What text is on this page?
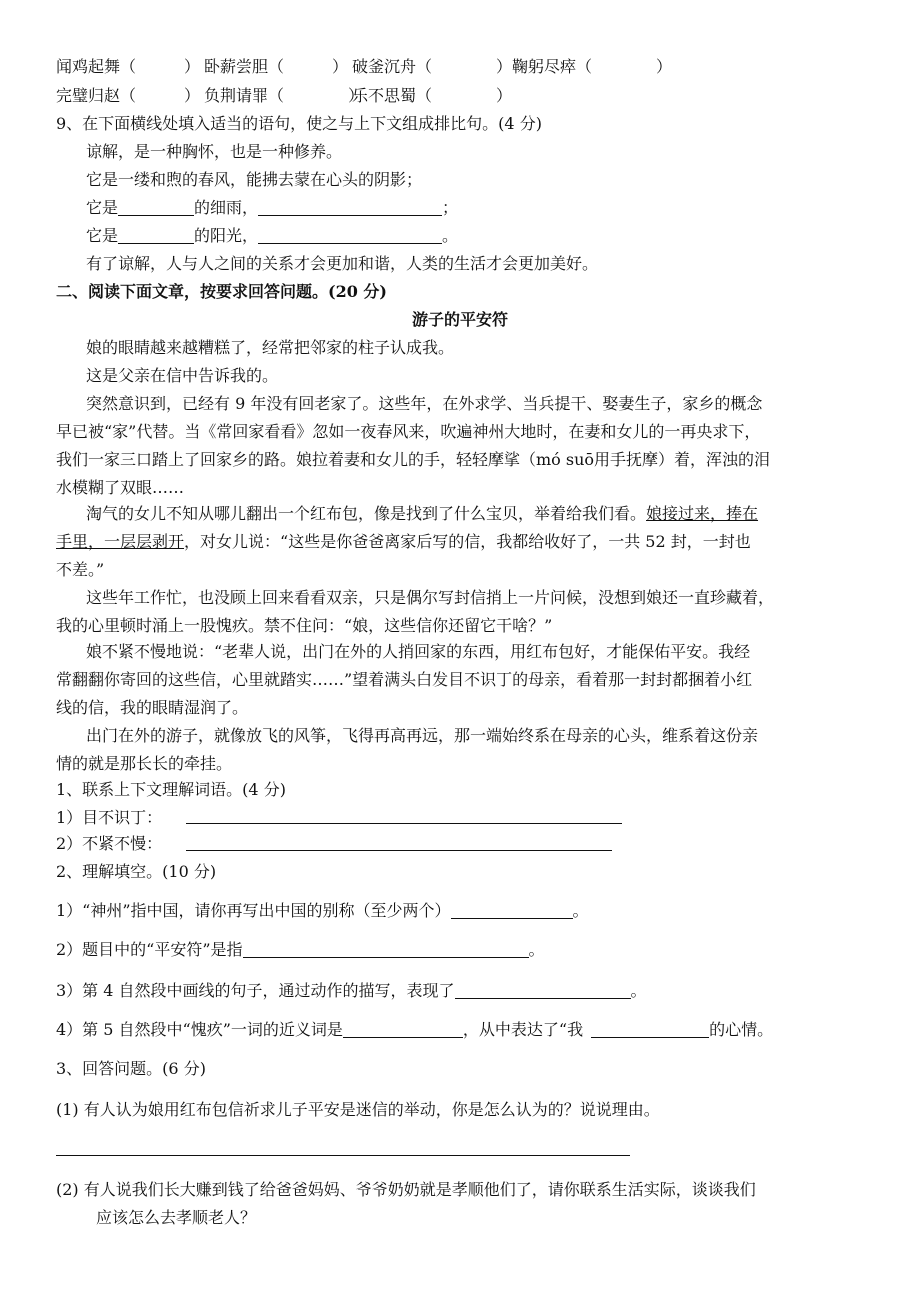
闻鸡起舞（　　　） 卧薪尝胆（　　　） 破釜沉舟（　　　　）鞠躬尽瘁（　　　　）
完璧归赵（　　　） 负荆请罪（　　　　）乐不思蜀（　　　　）
9、在下面横线处填入适当的语句，使之与上下文组成排比句。(4 分)
谅解，是一种胸怀，也是一种修养。
它是一缕和煦的春风，能拂去蒙在心头的阴影；
它是	的细雨，	；
它是	的阳光，	。
有了谅解，人与人之间的关系才会更加和谐，人类的生活才会更加美好。
二、阅读下面文章，按要求回答问题。(20 分)
游子的平安符
娘的眼睛越来越糟糕了，经常把邻家的柱子认成我。
这是父亲在信中告诉我的。
突然意识到，已经有 9 年没有回老家了。这些年，在外求学、当兵提干、娶妻生子，家乡的概念
早已被“家”代替。当《常回家看看》忽如一夜春风来，吹遍神州大地时，在妻和女儿的一再央求下，
我们一家三口踏上了回家乡的路。娘拉着妻和女儿的手，轻轻摩挲（mó suō用手抚摩）着，浑浊的泪
水模糊了双眼……
淘气的女儿不知从哪儿翻出一个红布包，像是找到了什么宝贝，举着给我们看。娘接过来，捧在
手里，一层层剥开，对女儿说：“这些是你爸爸离家后写的信，我都给收好了，一共 52 封，一封也
不差。”
这些年工作忙，也没顾上回来看看双亲，只是偶尔写封信捎上一片问候，没想到娘还一直珍藏着，
我的心里顿时涌上一股愧疚。禁不住问：“娘，这些信你还留它干啥？”
娘不紧不慢地说：“老辈人说，出门在外的人捎回家的东西，用红布包好，才能保佑平安。我经
常翻翻你寄回的这些信，心里就踏实……”望着满头白发目不识丁的母亲，看着那一封封都捆着小红
线的信，我的眼睛湿润了。
出门在外的游子，就像放飞的风筝，飞得再高再远，那一端始终系在母亲的心头，维系着这份亲
情的就是那长长的牵挂。
1、联系上下文理解词语。(4 分)
1）目不识丁：
2）不紧不慢：
2、理解填空。(10 分)
1）“神州”指中国，请你再写出中国的别称（至少两个）	。
2）题目中的“平安符”是指	。
3）第 4 自然段中画线的句子，通过动作的描写，表现了	。
4）第 5 自然段中“愧疚”一词的近义词是	，从中表达了“我	的心情。
3、回答问题。(6 分)
(1) 有人认为娘用红布包信祈求儿子平安是迷信的举动，你是怎么认为的？说说理由。
(2) 有人说我们长大赚到钱了给爸爸妈妈、爷爷奶奶就是孝顺他们了，请你联系生活实际，谈谈我们
应该怎么去孝顺老人？
